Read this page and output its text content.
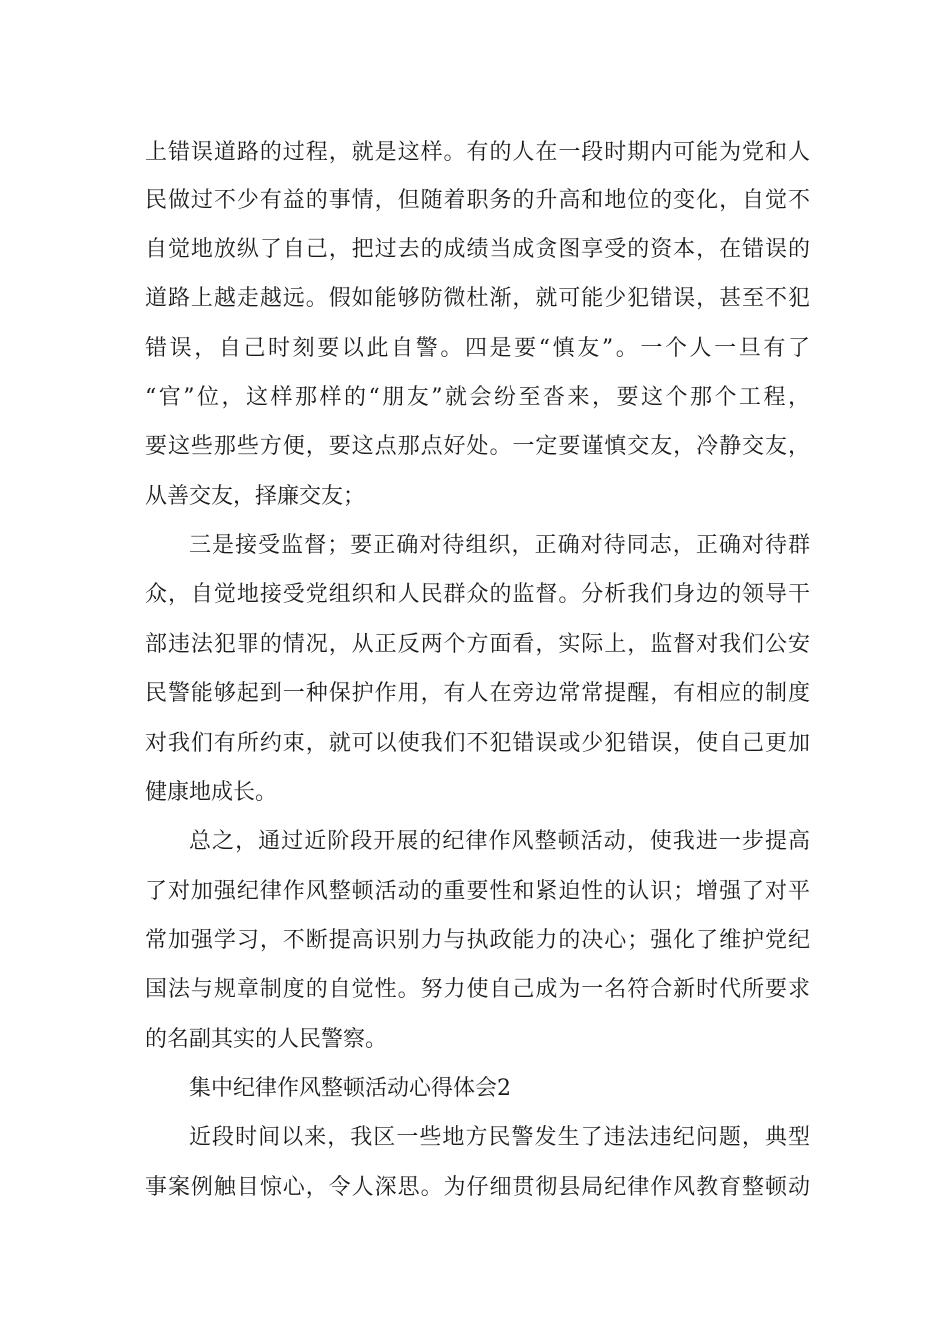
上错误道路的过程，就是这样。有的人在一段时期内可能为党和人
民做过不少有益的事情，但随着职务的升高和地位的变化，自觉不
自觉地放纵了自己，把过去的成绩当成贪图享受的资本，在错误的
道路上越走越远。假如能够防微杜渐，就可能少犯错误，甚至不犯
错误，自己时刻要以此自警。四是要“慎友”。一个人一旦有了
“官”位，这样那样的“朋友”就会纷至沓来，要这个那个工程，
要这些那些方便，要这点那点好处。一定要谨慎交友，冷静交友，
从善交友，择廉交友；
三是接受监督；要正确对待组织，正确对待同志，正确对待群
众，自觉地接受党组织和人民群众的监督。分析我们身边的领导干
部违法犯罪的情况，从正反两个方面看，实际上，监督对我们公安
民警能够起到一种保护作用，有人在旁边常常提醒，有相应的制度
对我们有所约束，就可以使我们不犯错误或少犯错误，使自己更加
健康地成长。
总之，通过近阶段开展的纪律作风整顿活动，使我进一步提高
了对加强纪律作风整顿活动的重要性和紧迫性的认识；增强了对平
常加强学习，不断提高识别力与执政能力的决心；强化了维护党纪
国法与规章制度的自觉性。努力使自己成为一名符合新时代所要求
的名副其实的人民警察。
集中纪律作风整顿活动心得体会2
近段时间以来，我区一些地方民警发生了违法违纪问题，典型
事案例触目惊心，令人深思。为仔细贯彻县局纪律作风教育整顿动
